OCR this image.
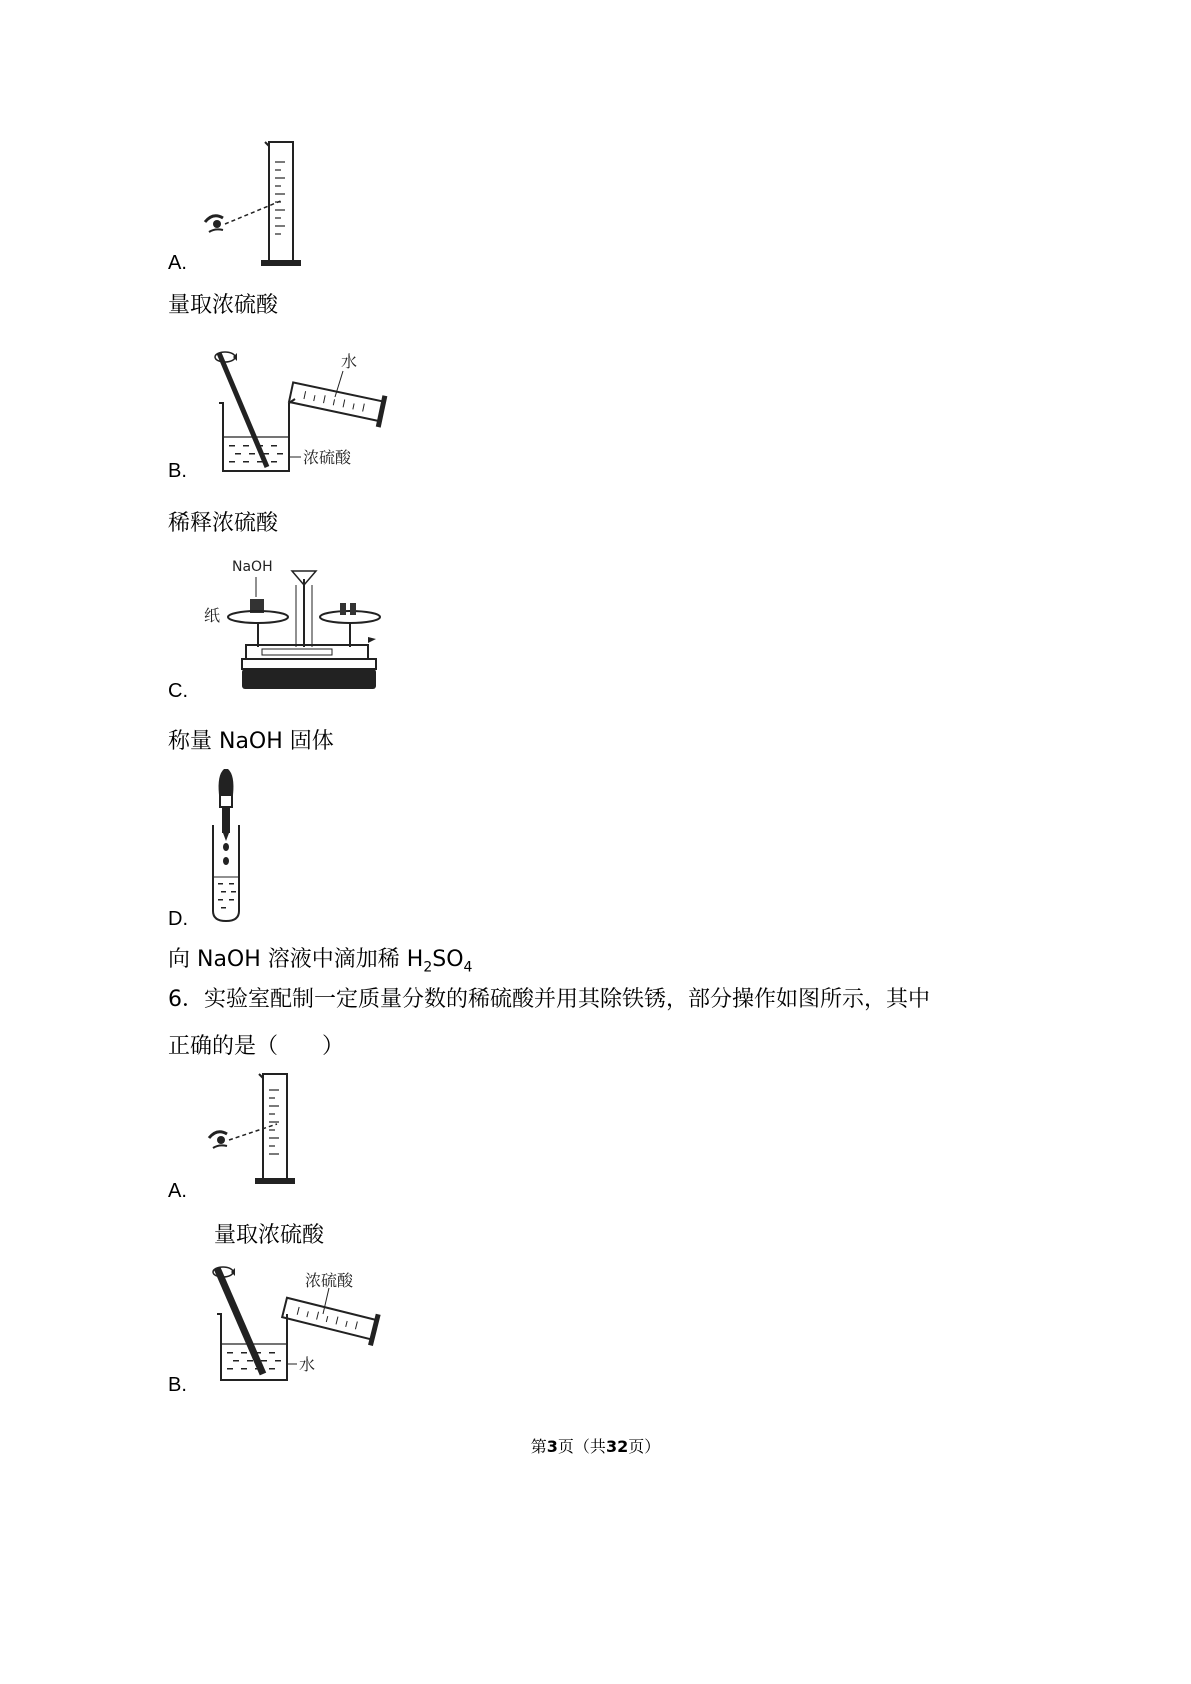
A.
量取浓硫酸
水
浓硫酸
B.
稀释浓硫酸
NaOH
纸
C.
称量 NaOH 固体
D.
向 NaOH 溶液中滴加稀 $H_2SO_4$
6．实验室配制一定质量分数的稀硫酸并用其除铁锈，部分操作如图所示，其中
正确的是（　　）
A.
量取浓硫酸
浓硫酸
水
B.
第3页（共32页）
